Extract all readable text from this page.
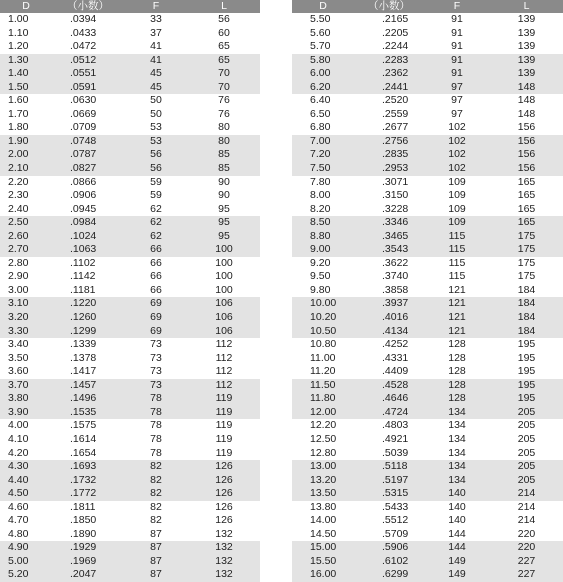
D	（小数）	F	L
1.00	.0394	33	56
1.10	.0433	37	60
1.20	.0472	41	65
1.30	.0512	41	65
1.40	.0551	45	70
1.50	.0591	45	70
1.60	.0630	50	76
1.70	.0669	50	76
1.80	.0709	53	80
1.90	.0748	53	80
2.00	.0787	56	85
2.10	.0827	56	85
2.20	.0866	59	90
2.30	.0906	59	90
2.40	.0945	62	95
2.50	.0984	62	95
2.60	.1024	62	95
2.70	.1063	66	100
2.80	.1102	66	100
2.90	.1142	66	100
3.00	.1181	66	100
3.10	.1220	69	106
3.20	.1260	69	106
3.30	.1299	69	106
3.40	.1339	73	112
3.50	.1378	73	112
3.60	.1417	73	112
3.70	.1457	73	112
3.80	.1496	78	119
3.90	.1535	78	119
4.00	.1575	78	119
4.10	.1614	78	119
4.20	.1654	78	119
4.30	.1693	82	126
4.40	.1732	82	126
4.50	.1772	82	126
4.60	.1811	82	126
4.70	.1850	82	126
4.80	.1890	87	132
4.90	.1929	87	132
5.00	.1969	87	132
5.20	.2047	87	132
D	（小数）	F	L
5.50	.2165	91	139
5.60	.2205	91	139
5.70	.2244	91	139
5.80	.2283	91	139
6.00	.2362	91	139
6.20	.2441	97	148
6.40	.2520	97	148
6.50	.2559	97	148
6.80	.2677	102	156
7.00	.2756	102	156
7.20	.2835	102	156
7.50	.2953	102	156
7.80	.3071	109	165
8.00	.3150	109	165
8.20	.3228	109	165
8.50	.3346	109	165
8.80	.3465	115	175
9.00	.3543	115	175
9.20	.3622	115	175
9.50	.3740	115	175
9.80	.3858	121	184
10.00	.3937	121	184
10.20	.4016	121	184
10.50	.4134	121	184
10.80	.4252	128	195
11.00	.4331	128	195
11.20	.4409	128	195
11.50	.4528	128	195
11.80	.4646	128	195
12.00	.4724	134	205
12.20	.4803	134	205
12.50	.4921	134	205
12.80	.5039	134	205
13.00	.5118	134	205
13.20	.5197	134	205
13.50	.5315	140	214
13.80	.5433	140	214
14.00	.5512	140	214
14.50	.5709	144	220
15.00	.5906	144	220
15.50	.6102	149	227
16.00	.6299	149	227
